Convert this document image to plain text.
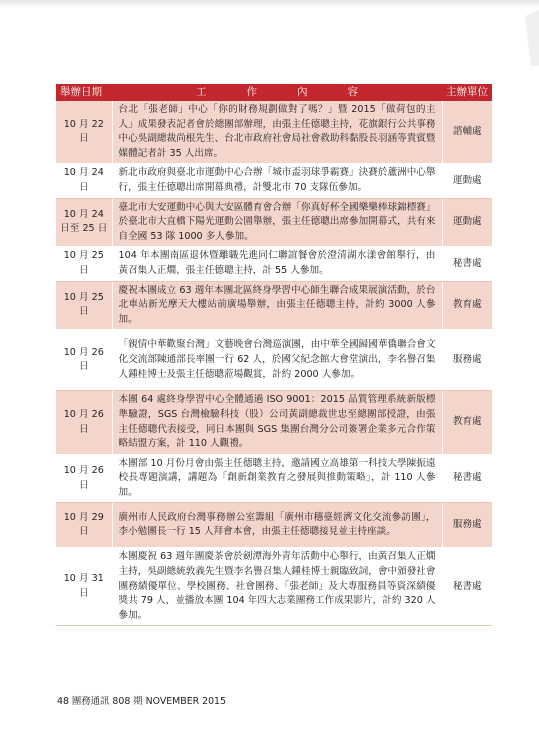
舉辦日期	工作內容	主辦單位
10 月 22 日	台北「張老師」中心「你的財務規劃做對了嗎？」暨 2015「做荷包的主人」成果發表記者會於總團部辦理，由張主任德聰主持，花旗銀行公共事務中心吳副總裁尚根先生、台北市政府社會局社會救助科黏股長羽涵等貴賓暨媒體記者計 35 人出席。	諮輔處
10 月 24 日	新北市政府與臺北市運動中心合辦「城市盃羽球爭霸賽」決賽於蘆洲中心舉行，張主任德聰出席開幕典禮，計雙北市 70 支隊伍參加。	運動處
10 月 24 日至 25 日	臺北市大安運動中心與大安區體育會合辦「你真好杯全國樂樂棒球錦標賽」於臺北市大直橋下陽光運動公園舉辦，張主任德聰出席參加開幕式，共有來自全國 53 隊 1000 多人參加。	運動處
10 月 25 日	104 年本團南區退休暨離職先進同仁聯誼餐會於澄清湖水漾會館舉行，由黃召集人正燗、張主任德聰主持，計 55 人參加。	秘書處
10 月 25 日	慶祝本團成立 63 週年本團北區終身學習中心師生聯合成果展演活動，於台北車站新光摩天大樓站前廣場舉辦，由張主任德聰主持，計約 3000 人參加。	教育處
10 月 26 日	「親情中華歡聚台灣」文藝晚會台灣巡演團，由中華全國歸國華僑聯合會文化交流部陳通部長率團一行 62 人，於國父紀念館大會堂演出，李名譽召集人鍾桂博士及張主任德聰蒞場觀賞，計約 2000 人參加。	服務處
10 月 26 日	本團 64 處終身學習中心全體通過 ISO 9001：2015 品質管理系統新版標準驗證，SGS 台灣檢驗科技（股）公司黃副總裁世忠至總團部授證，由張主任德聰代表接受，同日本團與 SGS 集團台灣分公司簽署企業多元合作策略結盟方案，計 110 人觀禮。	教育處
10 月 26 日	本團部 10 月份月會由張主任德聰主持，邀請國立高雄第一科技大學陳振遠校長專題演講，講題為「創新創業教育之發展與推動策略」，計 110 人參加。	秘書處
10 月 29 日	廣州市人民政府台灣事務辦公室籌組「廣州市穗臺經濟文化交流參訪團」，李小勉團長一行 15 人拜會本會，由張主任德聰接見並主持座談。	服務處
10 月 31 日	本團慶祝 63 週年團慶茶會於劍潭海外青年活動中心舉行，由黃召集人正燗主持，吳副總統敦義先生暨李名譽召集人鍾桂博士親臨致詞，會中頒發社會團務績優單位、學校團務、社會團務、「張老師」及大專服務員等資深績優獎共 79 人，並播放本團 104 年四大志業團務工作成果影片，計約 320 人參加。	秘書處
48 團務通訊 808 期 NOVEMBER 2015
